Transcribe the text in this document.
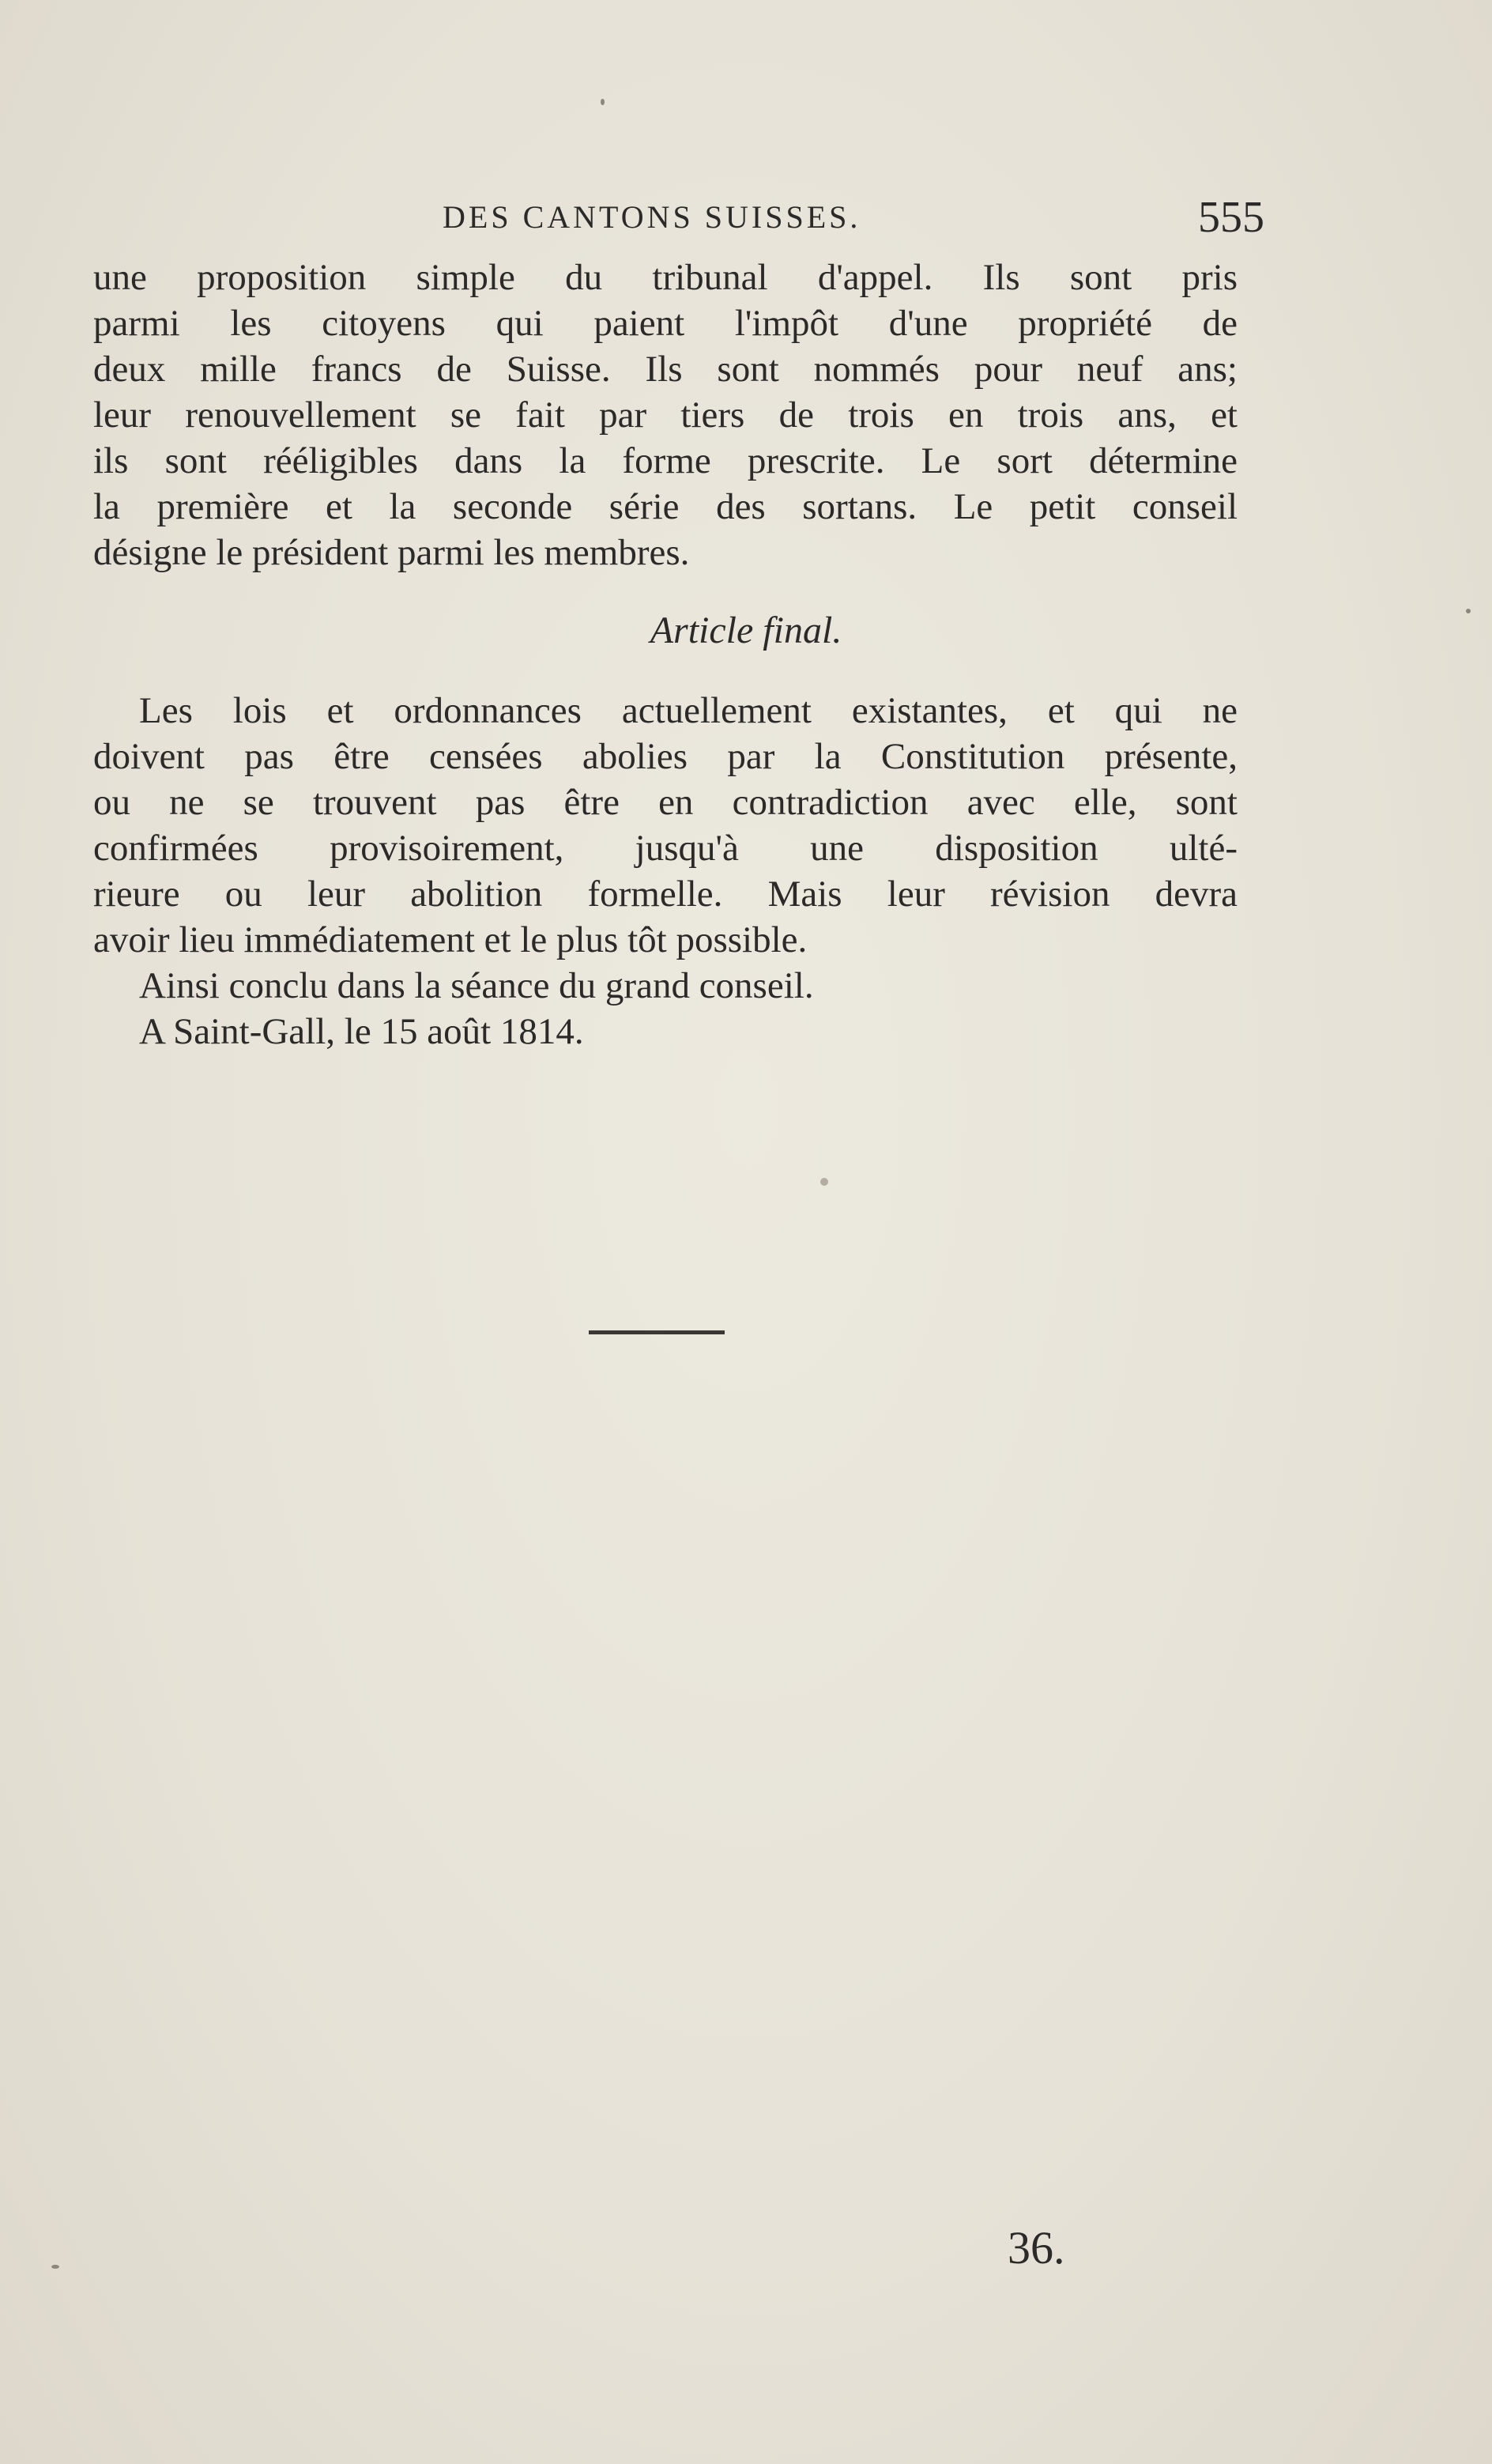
DES CANTONS SUISSES.	555
une proposition simple du tribunal d'appel. Ils sont pris
parmi les citoyens qui paient l'impôt d'une propriété de
deux mille francs de Suisse. Ils sont nommés pour neuf ans;
leur renouvellement se fait par tiers de trois en trois ans, et
ils sont rééligibles dans la forme prescrite. Le sort détermine
la première et la seconde série des sortans. Le petit conseil
désigne le président parmi les membres.
Article final.
Les lois et ordonnances actuellement existantes, et qui ne
doivent pas être censées abolies par la Constitution présente,
ou ne se trouvent pas être en contradiction avec elle, sont
confirmées provisoirement, jusqu'à une disposition ulté-
rieure ou leur abolition formelle. Mais leur révision devra
avoir lieu immédiatement et le plus tôt possible.
Ainsi conclu dans la séance du grand conseil.
A Saint-Gall, le 15 août 1814.
36.
